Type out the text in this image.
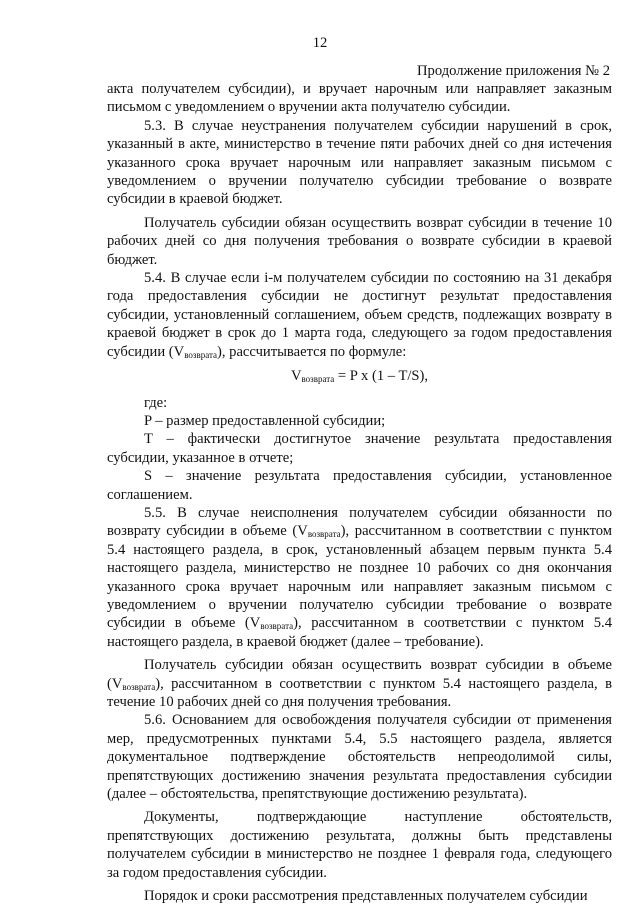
12
Продолжение приложения № 2

акта получателем субсидии), и вручает нарочным или направляет заказным письмом с уведомлением о вручении акта получателю субсидии.

5.3. В случае неустранения получателем субсидии нарушений в срок, указанный в акте, министерство в течение пяти рабочих дней со дня истечения указанного срока вручает нарочным или направляет заказным письмом с уведомлением о вручении получателю субсидии требование о возврате субсидии в краевой бюджет.

Получатель субсидии обязан осуществить возврат субсидии в течение 10 рабочих дней со дня получения требования о возврате субсидии в краевой бюджет.

5.4. В случае если i-м получателем субсидии по состоянию на 31 декабря года предоставления субсидии не достигнут результат предоставления субсидии, установленный соглашением, объем средств, подлежащих возврату в краевой бюджет в срок до 1 марта года, следующего за годом предоставления субсидии $(V_{возврата})$, рассчитывается по формуле:

$V_{возврата} = P$ x (1 – T/S),

где:

P – размер предоставленной субсидии;

T – фактически достигнутое значение результата предоставления субсидии, указанное в отчете;

S – значение результата предоставления субсидии, установленное соглашением.

5.5. В случае неисполнения получателем субсидии обязанности по возврату субсидии в объеме $(V_{возврата})$, рассчитанном в соответствии с пунктом 5.4 настоящего раздела, в срок, установленный абзацем первым пункта 5.4 настоящего раздела, министерство не позднее 10 рабочих со дня окончания указанного срока вручает нарочным или направляет заказным письмом с уведомлением о вручении получателю субсидии требование о возврате субсидии в объеме $(V_{возврата})$, рассчитанном в соответствии с пунктом 5.4 настоящего раздела, в краевой бюджет (далее – требование).

Получатель субсидии обязан осуществить возврат субсидии в объеме $(V_{возврата})$, рассчитанном в соответствии с пунктом 5.4 настоящего раздела, в течение 10 рабочих дней со дня получения требования.

5.6. Основанием для освобождения получателя субсидии от применения мер, предусмотренных пунктами 5.4, 5.5 настоящего раздела, является документальное подтверждение обстоятельств непреодолимой силы, препятствующих достижению значения результата предоставления субсидии (далее – обстоятельства, препятствующие достижению результата).

Документы, подтверждающие наступление обстоятельств, препятствующих достижению результата, должны быть представлены получателем субсидии в министерство не позднее 1 февраля года, следующего за годом предоставления субсидии.

Порядок и сроки рассмотрения представленных получателем субсидии
